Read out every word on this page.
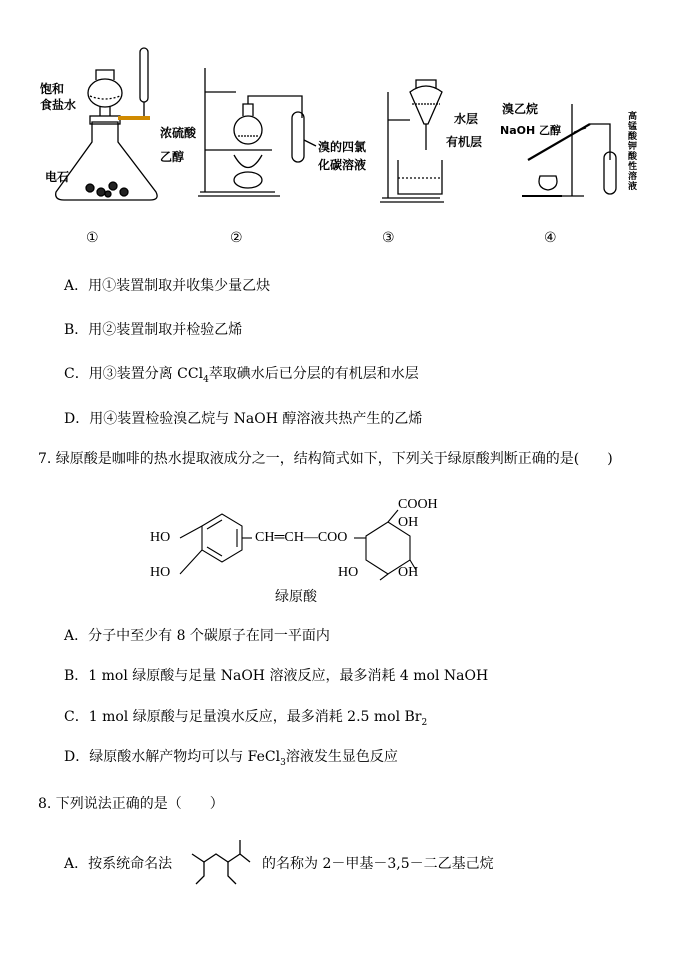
饱和
食盐水
电石
浓硫酸
乙醇
溴的四氯
化碳溶液
水层
有机层
溴乙烷
NaOH 乙醇
高锰酸钾酸性溶液
①	②	③	④
A．用①装置制取并收集少量乙炔
B．用②装置制取并检验乙烯
C．用③装置分离 CCl$_4$萃取碘水后已分层的有机层和水层
D．用④装置检验溴乙烷与 NaOH 醇溶液共热产生的乙烯
7. 绿原酸是咖啡的热水提取液成分之一，结构简式如下，下列关于绿原酸判断正确的是(　　)
HO
HO
CH═CH—COO
COOH
OH
HO	OH
绿原酸
A．分子中至少有 8 个碳原子在同一平面内
B．1 mol 绿原酸与足量 NaOH 溶液反应，最多消耗 4 mol NaOH
C．1 mol 绿原酸与足量溴水反应，最多消耗 2.5 mol $Br_2$
D．绿原酸水解产物均可以与 FeCl$_3$溶液发生显色反应
8. 下列说法正确的是（　　）
A．按系统命名法	的名称为 2－甲基－3,5－二乙基己烷
